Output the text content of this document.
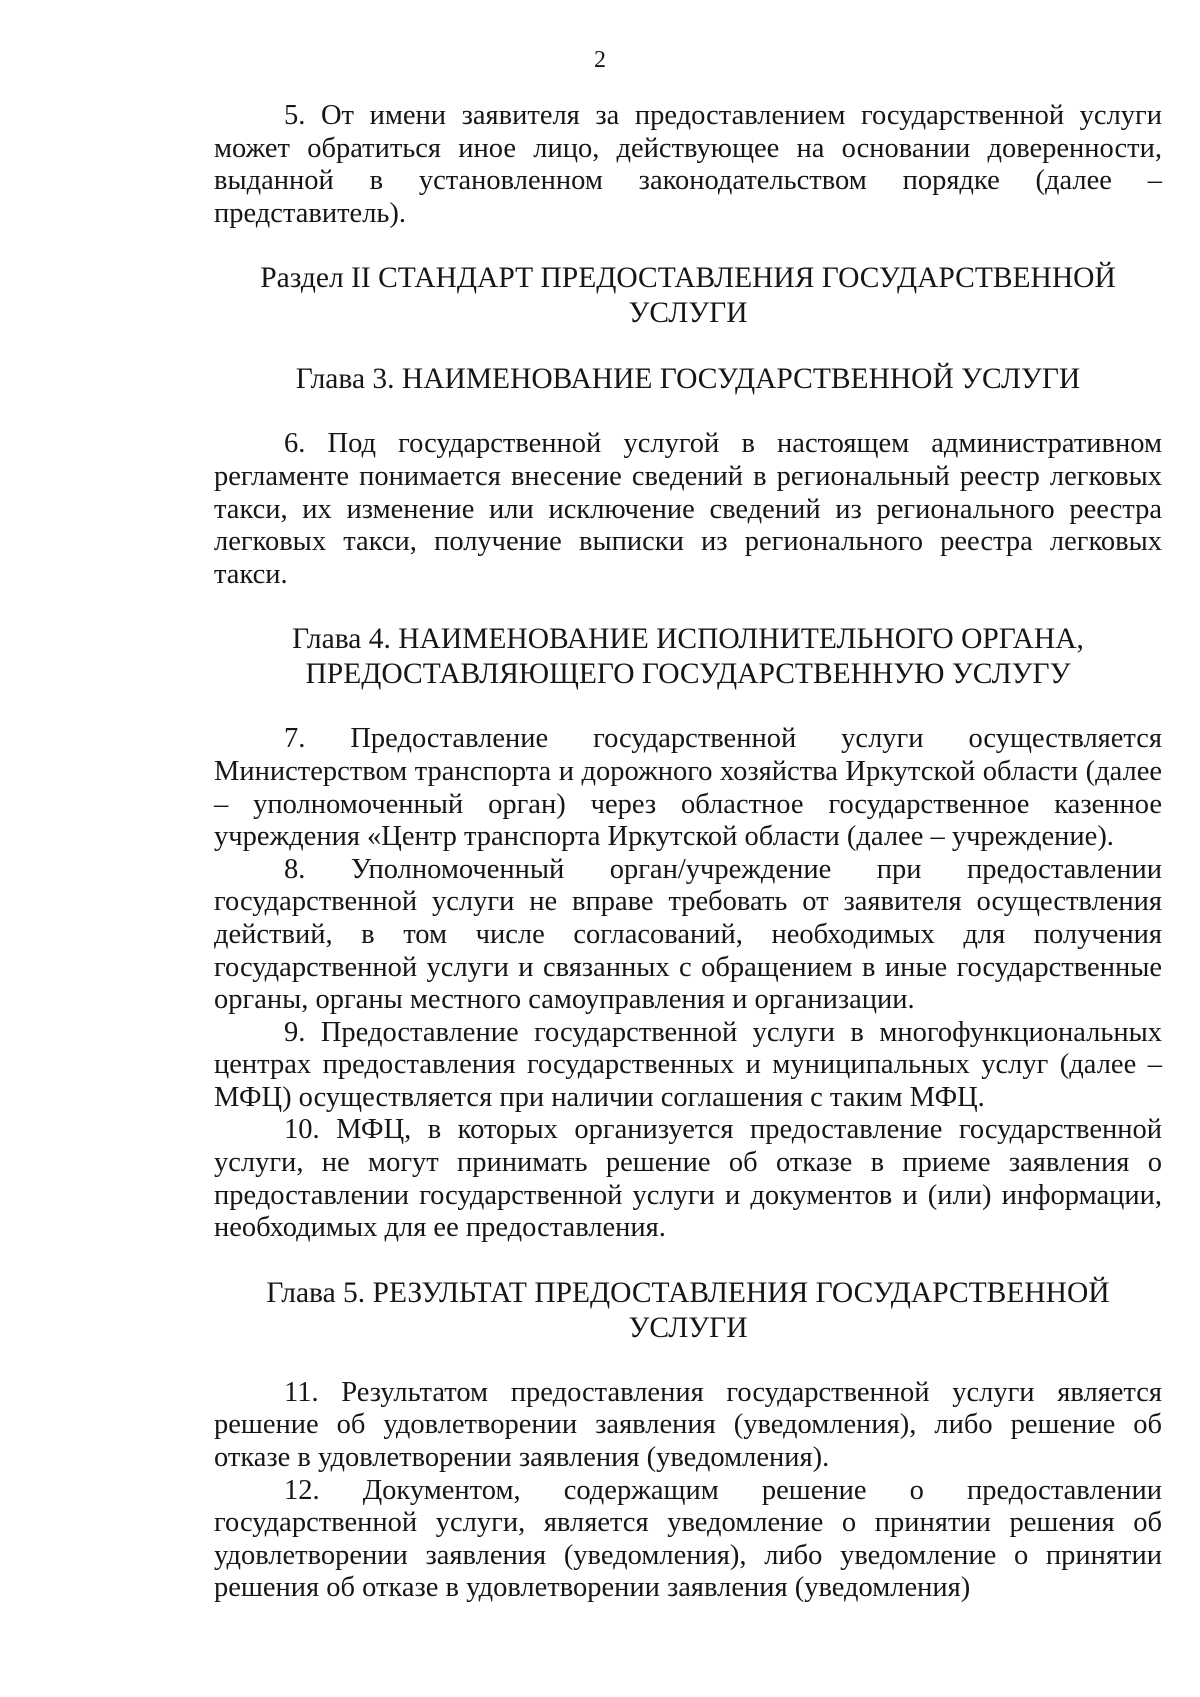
2

5. От имени заявителя за предоставлением государственной услуги может обратиться иное лицо, действующее на основании доверенности, выданной в установленном законодательством порядке (далее – представитель).

Раздел II СТАНДАРТ ПРЕДОСТАВЛЕНИЯ ГОСУДАРСТВЕННОЙ
УСЛУГИ
Глава 3. НАИМЕНОВАНИЕ ГОСУДАРСТВЕННОЙ УСЛУГИ

6. Под государственной услугой в настоящем административном регламенте понимается внесение сведений в региональный реестр легковых такси, их изменение или исключение сведений из регионального реестра легковых такси, получение выписки из регионального реестра легковых такси.

Глава 4. НАИМЕНОВАНИЕ ИСПОЛНИТЕЛЬНОГО ОРГАНА,
ПРЕДОСТАВЛЯЮЩЕГО ГОСУДАРСТВЕННУЮ УСЛУГУ

7. Предоставление государственной услуги осуществляется Министерством транспорта и дорожного хозяйства Иркутской области (далее – уполномоченный орган) через областное государственное казенное учреждения «Центр транспорта Иркутской области (далее – учреждение).

8. Уполномоченный орган/учреждение при предоставлении государственной услуги не вправе требовать от заявителя осуществления действий, в том числе согласований, необходимых для получения государственной услуги и связанных с обращением в иные государственные органы, органы местного самоуправления и организации.

9. Предоставление государственной услуги в многофункциональных центрах предоставления государственных и муниципальных услуг (далее – МФЦ) осуществляется при наличии соглашения с таким МФЦ.

10. МФЦ, в которых организуется предоставление государственной услуги, не могут принимать решение об отказе в приеме заявления о предоставлении государственной услуги и документов и (или) информации, необходимых для ее предоставления.

Глава 5. РЕЗУЛЬТАТ ПРЕДОСТАВЛЕНИЯ ГОСУДАРСТВЕННОЙ
УСЛУГИ

11. Результатом предоставления государственной услуги является решение об удовлетворении заявления (уведомления), либо решение об отказе в удовлетворении заявления (уведомления).

12. Документом, содержащим решение о предоставлении государственной услуги, является уведомление о принятии решения об удовлетворении заявления (уведомления), либо уведомление о принятии решения об отказе в удовлетворении заявления (уведомления)
